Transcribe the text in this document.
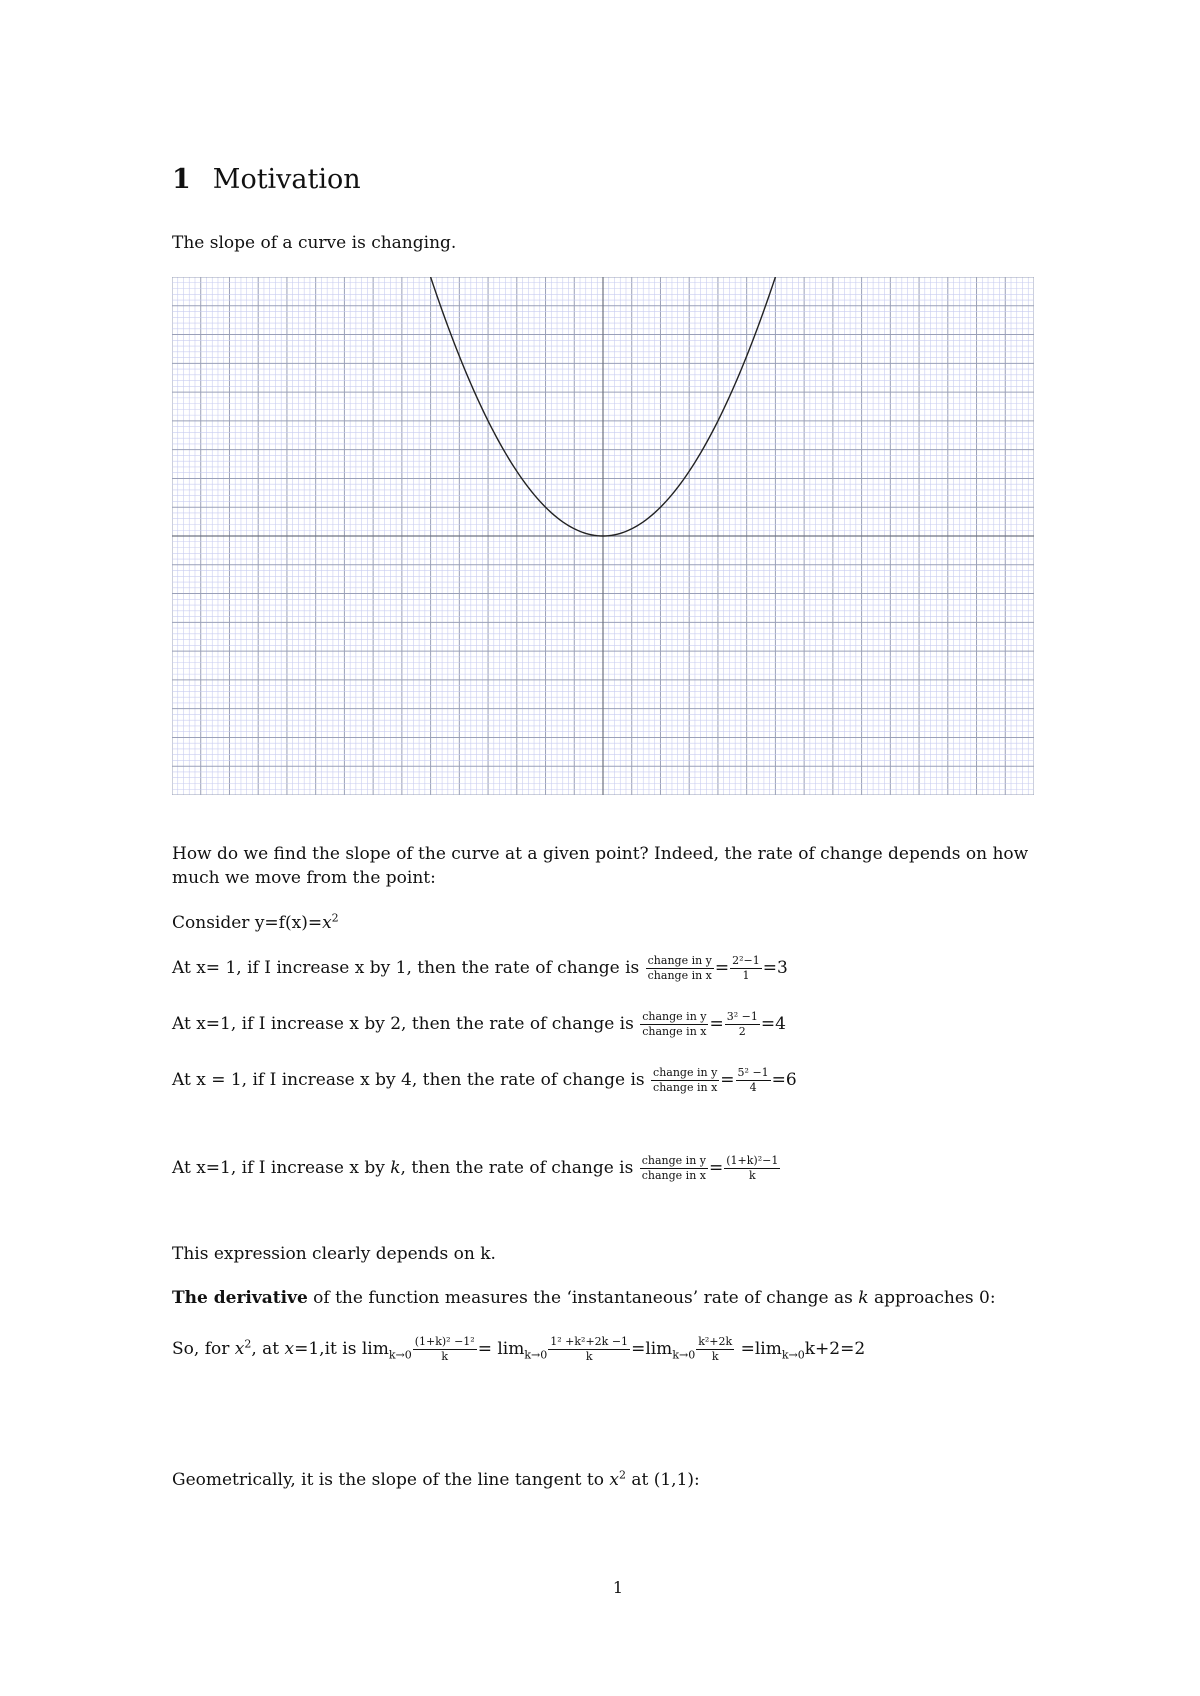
1 Motivation
The slope of a curve is changing.
How do we find the slope of the curve at a given point? Indeed, the rate of change depends on how much we move from the point:
Consider $y=f(x)=x^2$
At x= 1, if I increase x by 1, then the rate of change is $\frac{\text{change in y}}{\text{change in x}} = \frac{\text{2²−1}}{1} =3$
At x=1, if I increase x by 2, then the rate of change is $\frac{\text{change in y}}{\text{change in x}} = \frac{\text{3² −1}}{2} =4$
At x = 1, if I increase x by 4, then the rate of change is $\frac{\text{change in y}}{\text{change in x}} = \frac{\text{5² −1}}{4} =6$
At x=1, if I increase x by k, then the rate of change is $\frac{\text{change in y}}{\text{change in x}} = \frac{\text{(1+k)²−1}}{k}$
This expression clearly depends on k.
The derivative of the function measures the ‘instantaneous’ rate of change as k approaches 0:
So, for $x^2$, at x=1,it is $\lim_{k\to 0} \frac{\text{(1+k)² −1²}}{k} = \lim_{k\to 0} \frac{\text{1² +k²+2k −1}}{k} =\lim_{k\to 0} \frac{\text{k²+2k}}{k} =\lim_{k\to 0}k+2=2$
Geometrically, it is the slope of the line tangent to $x^2$ at (1,1):
1
